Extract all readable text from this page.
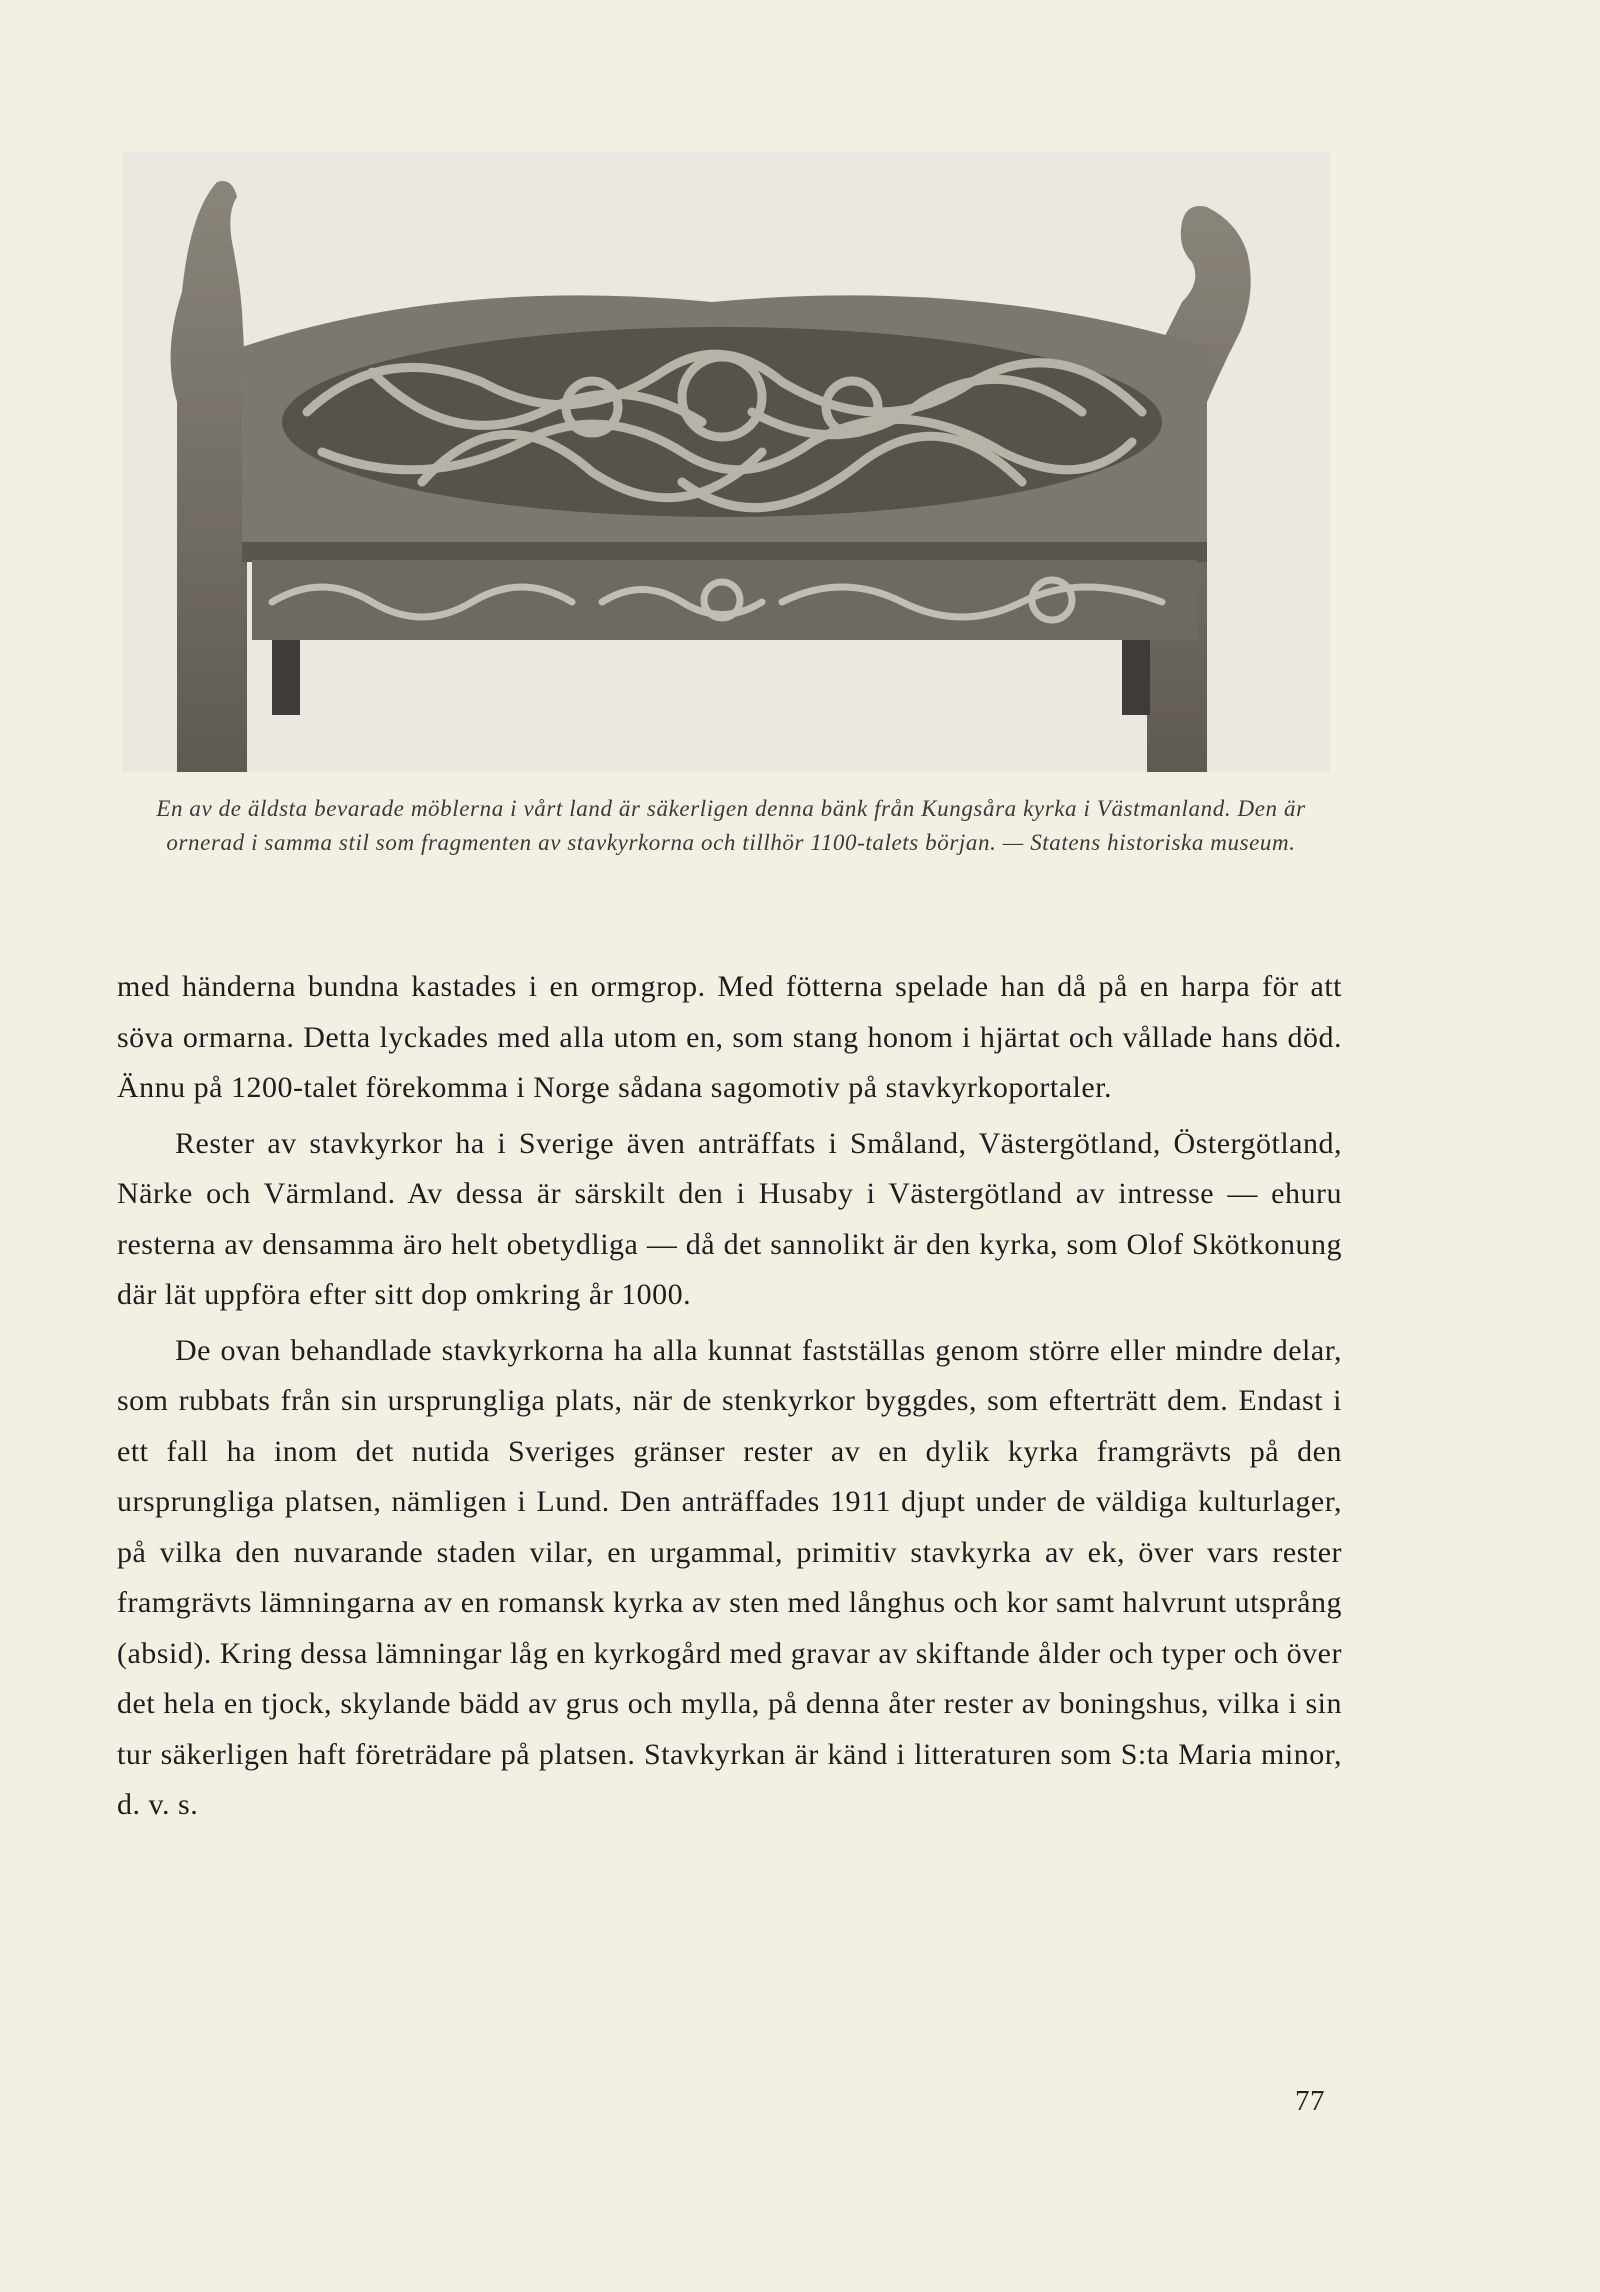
En av de äldsta bevarade möblerna i vårt land är säkerligen denna bänk från Kungsåra kyrka i Västmanland. Den är ornerad i samma stil som fragmenten av stavkyrkorna och tillhör 1100-talets början. — Statens historiska museum.

med händerna bundna kastades i en ormgrop. Med fötterna spelade han då på en harpa för att söva ormarna. Detta lyckades med alla utom en, som stang honom i hjärtat och vållade hans död. Ännu på 1200-talet förekomma i Norge sådana sagomotiv på stavkyrkoportaler.

Rester av stavkyrkor ha i Sverige även anträffats i Småland, Västergötland, Östergötland, Närke och Värmland. Av dessa är särskilt den i Husaby i Västergötland av intresse — ehuru resterna av densamma äro helt obetydliga — då det sannolikt är den kyrka, som Olof Skötkonung där lät uppföra efter sitt dop omkring år 1000.

De ovan behandlade stavkyrkorna ha alla kunnat fastställas genom större eller mindre delar, som rubbats från sin ursprungliga plats, när de stenkyrkor byggdes, som efterträtt dem. Endast i ett fall ha inom det nutida Sveriges gränser rester av en dylik kyrka framgrävts på den ursprungliga platsen, nämligen i Lund. Den anträffades 1911 djupt under de väldiga kulturlager, på vilka den nuvarande staden vilar, en urgammal, primitiv stavkyrka av ek, över vars rester framgrävts lämningarna av en romansk kyrka av sten med långhus och kor samt halvrunt utsprång (absid). Kring dessa lämningar låg en kyrkogård med gravar av skiftande ålder och typer och över det hela en tjock, skylande bädd av grus och mylla, på denna åter rester av boningshus, vilka i sin tur säkerligen haft företrädare på platsen. Stavkyrkan är känd i litteraturen som S:ta Maria minor, d. v. s.

77
